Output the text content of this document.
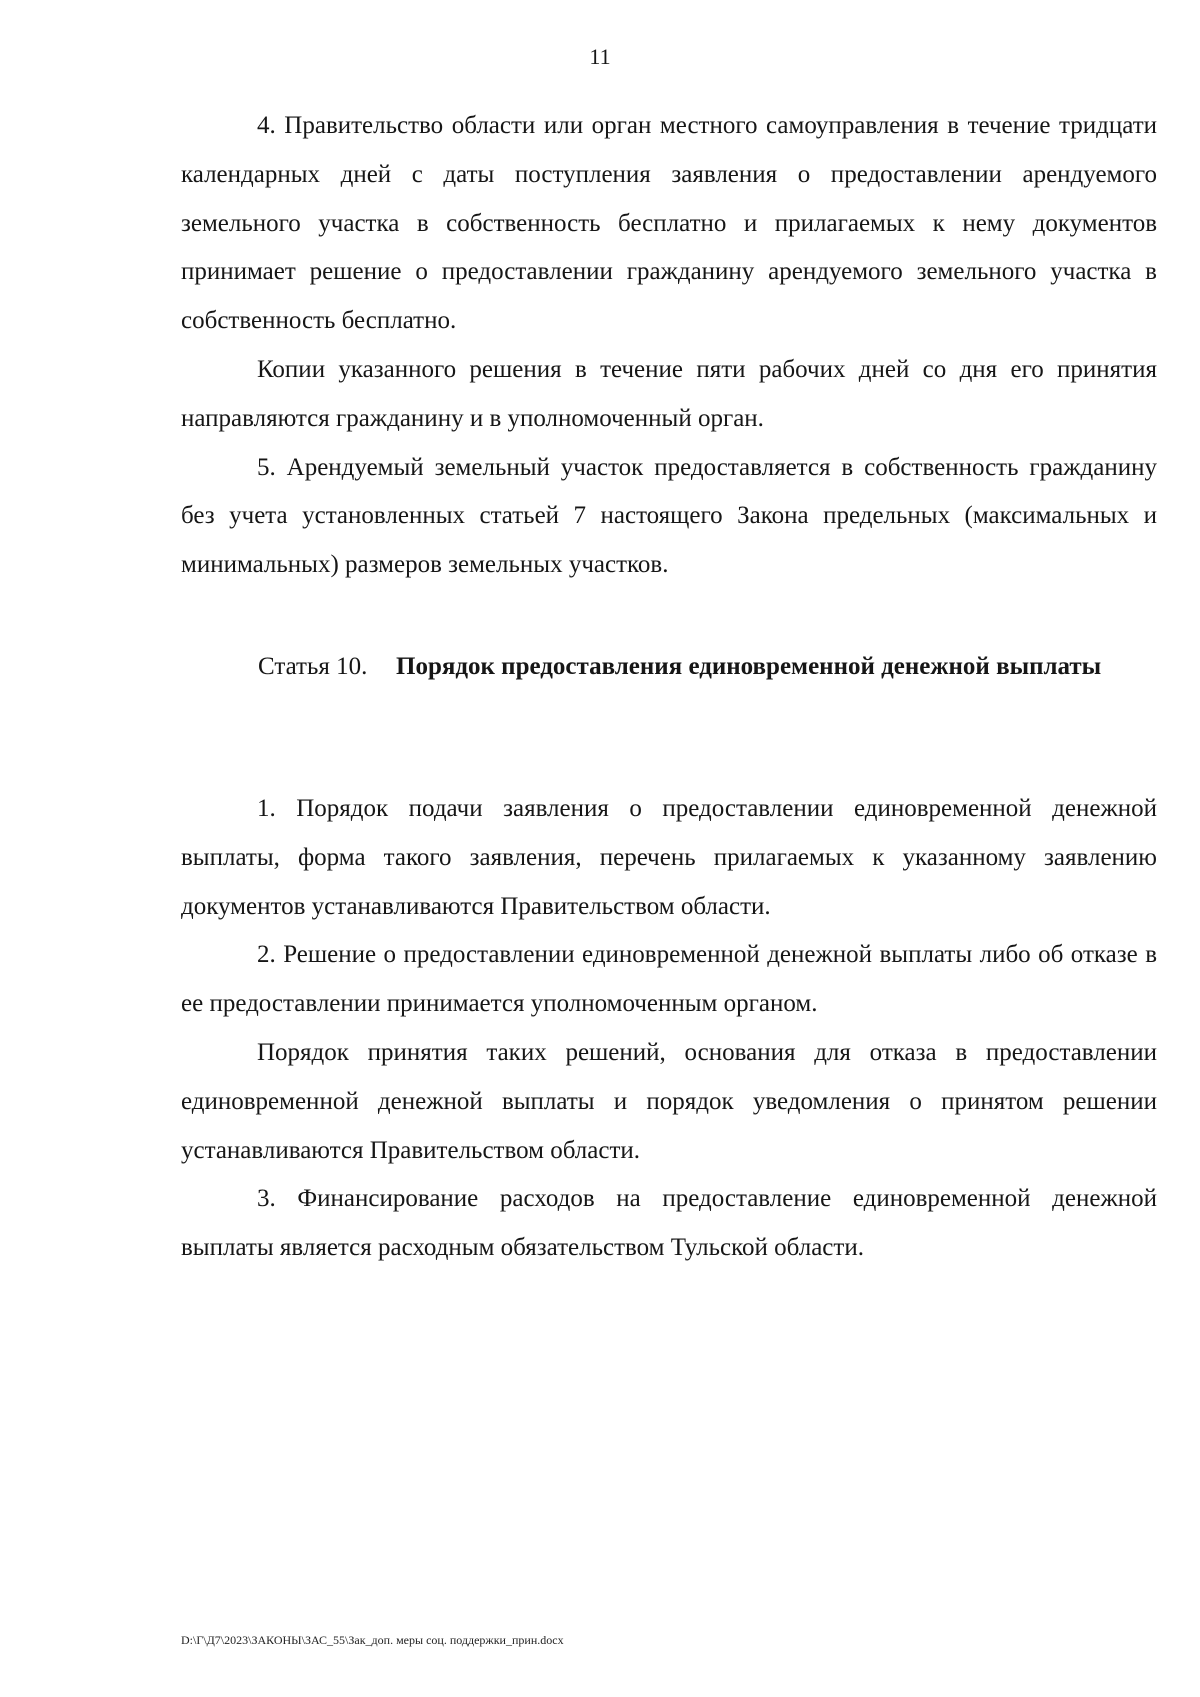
11

4. Правительство области или орган местного самоуправления в течение тридцати календарных дней с даты поступления заявления о предоставлении арендуемого земельного участка в собственность бесплатно и прилагаемых к нему документов принимает решение о предоставлении гражданину арендуемого земельного участка в собственность бесплатно.

Копии указанного решения в течение пяти рабочих дней со дня его принятия направляются гражданину и в уполномоченный орган.

5. Арендуемый земельный участок предоставляется в собственность гражданину без учета установленных статьей 7 настоящего Закона предельных (максимальных и минимальных) размеров земельных участков.

Статья 10. Порядок предоставления единовременной денежной выплаты

1. Порядок подачи заявления о предоставлении единовременной денежной выплаты, форма такого заявления, перечень прилагаемых к указанному заявлению документов устанавливаются Правительством области.

2. Решение о предоставлении единовременной денежной выплаты либо об отказе в ее предоставлении принимается уполномоченным органом.

Порядок принятия таких решений, основания для отказа в предоставлении единовременной денежной выплаты и порядок уведомления о принятом решении устанавливаются Правительством области.

3. Финансирование расходов на предоставление единовременной денежной выплаты является расходным обязательством Тульской области.

D:\Г\Д7\2023\ЗАКОНЫ\ЗАС_55\Зак_доп. меры соц. поддержки_прин.docx
